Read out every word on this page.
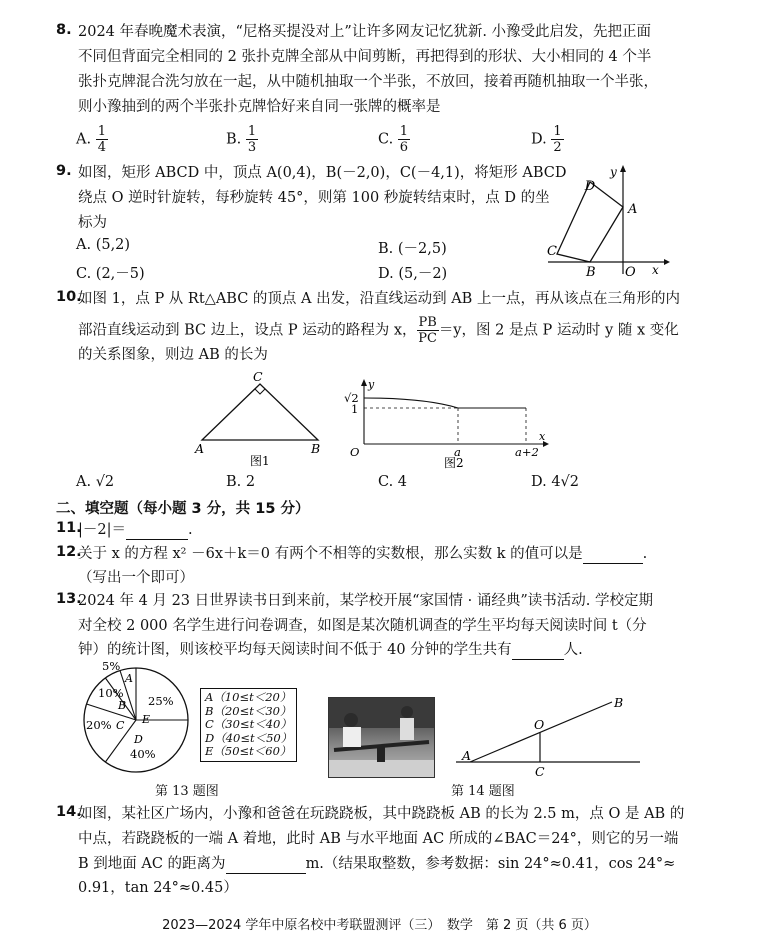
8. 2024 年春晚魔术表演，“尼格买提没对上”让许多网友记忆犹新. 小豫受此启发，先把正面
不同但背面完全相同的 2 张扑克牌全部从中间剪断，再把得到的形状、大小相同的 4 个半
张扑克牌混合洗匀放在一起，从中随机抽取一个半张，不放回，接着再随机抽取一个半张，
则小豫抽到的两个半张扑克牌恰好来自同一张牌的概率是
A. $\frac{1}{4}$	B. $\frac{1}{3}$	C. $\frac{1}{6}$	D. $\frac{1}{2}$
9. 如图，矩形 ABCD 中，顶点 A(0,4)，B(－2,0)，C(－4,1)，将矩形 ABCD
绕点 O 逆时针旋转，每秒旋转 45°，则第 100 秒旋转结束时，点 D 的坐
标为
A. (5,2)	B. (－2,5)
C. (2,－5)	D. (5,－2)
D
A
C
B O x
y
10.
如图 1，点 P 从 Rt△ABC 的顶点 A 出发，沿直线运动到 AB 上一点，再从该点在三角形的内
部沿直线运动到 BC 边上，设点 P 运动的路程为 x， $\frac{PB}{PC} =y$，图 2 是点 P 运动时 y 随 x 变化
的关系图象，则边 AB 的长为
C
A	B
图1
√2
1
O	a	a+2
x
y
图2
A. √2	B. 2	C. 4	D. 4√2
二、填空题（每小题 3 分，共 15 分）
11.
|－2|＝	.
12.
关于 x 的方程 x² －6x＋k＝0 有两个不相等的实数根，那么实数 k 的值可以是	.
（写出一个即可）
13.
2024 年 4 月 23 日世界读书日到来前，某学校开展“家国情 · 诵经典”读书活动. 学校定期
对全校 2 000 名学生进行问卷调查，如图是某次随机调查的学生平均每天阅读时间 t（分
钟）的统计图，则该校平均每天阅读时间不低于 40 分钟的学生共有	人.
5%
A
10%
B
20% C
25%
E
D
40%
A（10≤t＜20）
B（20≤t＜30）
C（30≤t＜40）
D（40≤t＜50）
E（50≤t＜60）
第 13 题图
B
O
A
C
第 14 题图
14.
如图，某社区广场内，小豫和爸爸在玩跷跷板，其中跷跷板 AB 的长为 2.5 m，点 O 是 AB 的
中点，若跷跷板的一端 A 着地，此时 AB 与水平地面 AC 所成的∠BAC＝24°，则它的另一端
B 到地面 AC 的距离为	m.（结果取整数，参考数据：sin 24°≈0.41，cos 24°≈
0.91，tan 24°≈0.45）
2023—2024 学年中原名校中考联盟测评（三）　数学　第 2 页（共 6 页）
